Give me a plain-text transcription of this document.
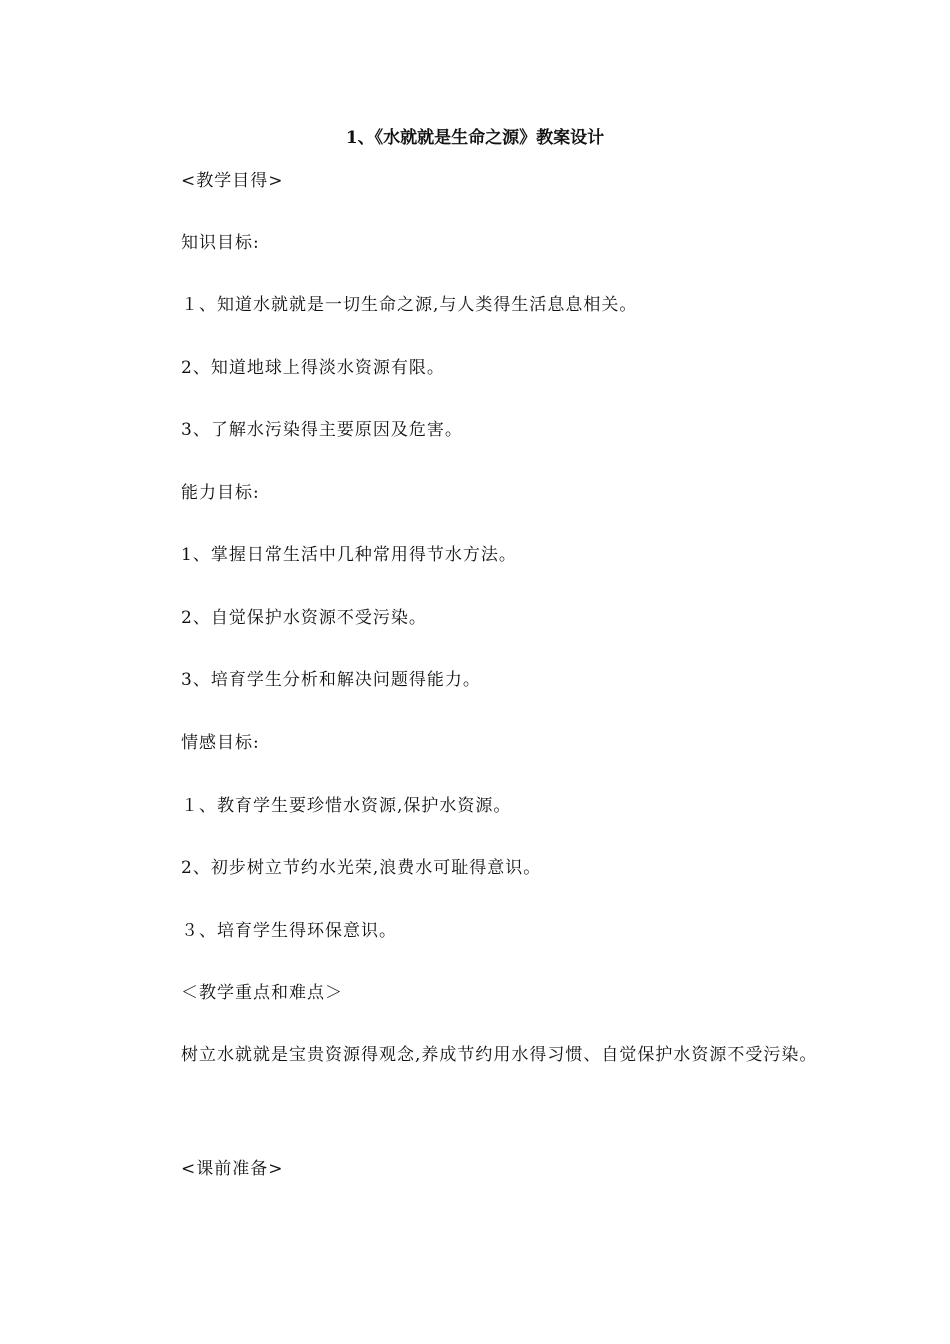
1、《水就就是生命之源》教案设计
<教学目得>
知识目标:
１、知道水就就是一切生命之源,与人类得生活息息相关。
2、知道地球上得淡水资源有限。
3、了解水污染得主要原因及危害。
能力目标:
1、掌握日常生活中几种常用得节水方法。
2、自觉保护水资源不受污染。
3、培育学生分析和解决问题得能力。
情感目标:
１、教育学生要珍惜水资源,保护水资源。
2、初步树立节约水光荣,浪费水可耻得意识。
３、培育学生得环保意识。
＜教学重点和难点＞
树立水就就是宝贵资源得观念,养成节约用水得习惯、自觉保护水资源不受污染。
<课前准备>
